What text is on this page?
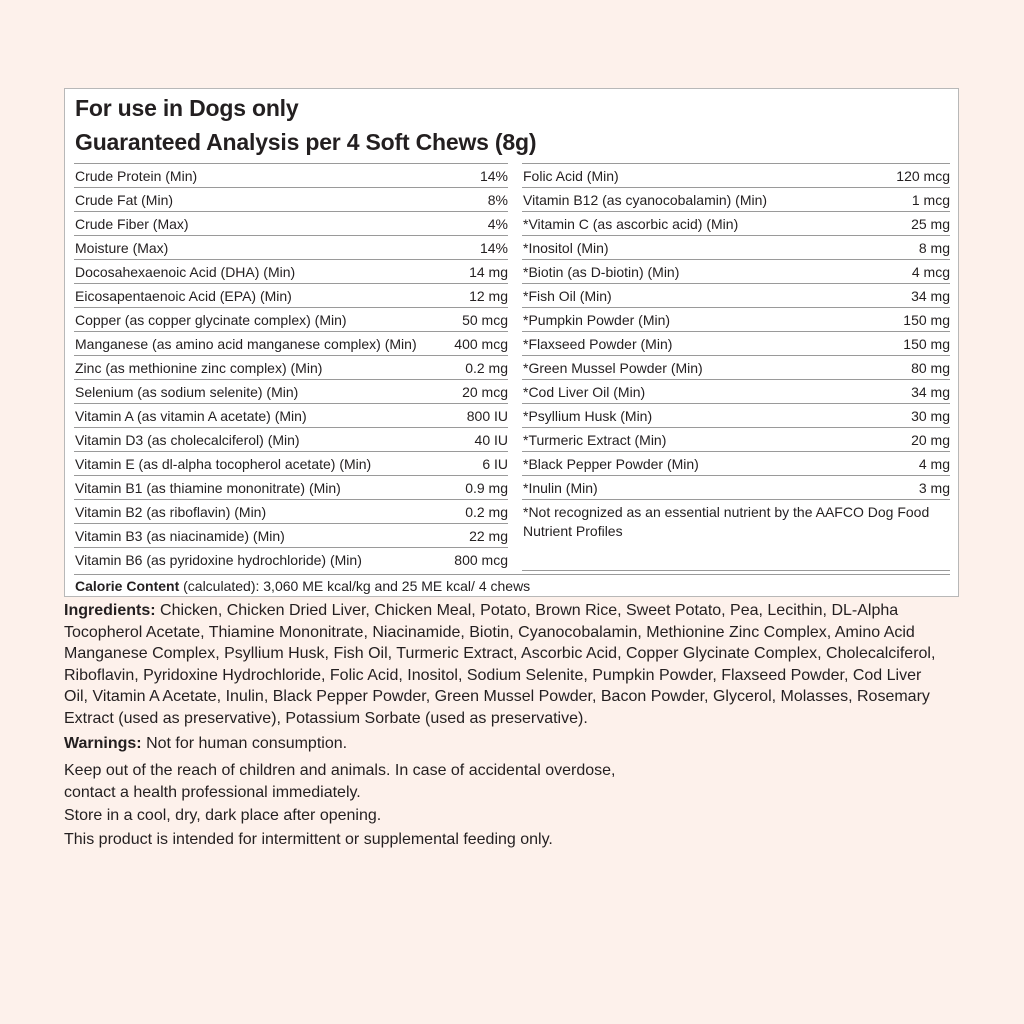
For use in Dogs only
Guaranteed Analysis per 4 Soft Chews (8g)
Crude Protein (Min)	14%
Crude Fat (Min)	8%
Crude Fiber (Max)	4%
Moisture (Max)	14%
Docosahexaenoic Acid (DHA) (Min)	14 mg
Eicosapentaenoic Acid (EPA) (Min)	12 mg
Copper (as copper glycinate complex) (Min)	50 mcg
Manganese (as amino acid manganese complex) (Min)	400 mcg
Zinc (as methionine zinc complex) (Min)	0.2 mg
Selenium (as sodium selenite) (Min)	20 mcg
Vitamin A (as vitamin A acetate) (Min)	800 IU
Vitamin D3 (as cholecalciferol) (Min)	40 IU
Vitamin E (as dl-alpha tocopherol acetate) (Min)	6 IU
Vitamin B1 (as thiamine mononitrate) (Min)	0.9 mg
Vitamin B2 (as riboflavin) (Min)	0.2 mg
Vitamin B3 (as niacinamide) (Min)	22 mg
Vitamin B6 (as pyridoxine hydrochloride) (Min)	800 mcg
Folic Acid (Min)	120 mcg
Vitamin B12 (as cyanocobalamin) (Min)	1 mcg
*Vitamin C (as ascorbic acid) (Min)	25 mg
*Inositol (Min)	8 mg
*Biotin (as D-biotin) (Min)	4 mcg
*Fish Oil (Min)	34 mg
*Pumpkin Powder (Min)	150 mg
*Flaxseed Powder (Min)	150 mg
*Green Mussel Powder (Min)	80 mg
*Cod Liver Oil (Min)	34 mg
*Psyllium Husk (Min)	30 mg
*Turmeric Extract (Min)	20 mg
*Black Pepper Powder (Min)	4 mg
*Inulin (Min)	3 mg
*Not recognized as an essential nutrient by the AAFCO Dog Food Nutrient Profiles
Calorie Content (calculated): 3,060 ME kcal/kg and 25 ME kcal/ 4 chews
Ingredients: Chicken, Chicken Dried Liver, Chicken Meal, Potato, Brown Rice, Sweet Potato, Pea, Lecithin, DL-Alpha Tocopherol Acetate, Thiamine Mononitrate, Niacinamide, Biotin, Cyanocobalamin, Methionine Zinc Complex, Amino Acid Manganese Complex, Psyllium Husk, Fish Oil, Turmeric Extract, Ascorbic Acid, Copper Glycinate Complex, Cholecalciferol, Riboflavin, Pyridoxine Hydrochloride, Folic Acid, Inositol, Sodium Selenite, Pumpkin Powder, Flaxseed Powder, Cod Liver Oil, Vitamin A Acetate, Inulin, Black Pepper Powder, Green Mussel Powder, Bacon Powder, Glycerol, Molasses, Rosemary Extract (used as preservative), Potassium Sorbate (used as preservative).
Warnings: Not for human consumption.
Keep out of the reach of children and animals. In case of accidental overdose,
contact a health professional immediately.
Store in a cool, dry, dark place after opening.
This product is intended for intermittent or supplemental feeding only.
